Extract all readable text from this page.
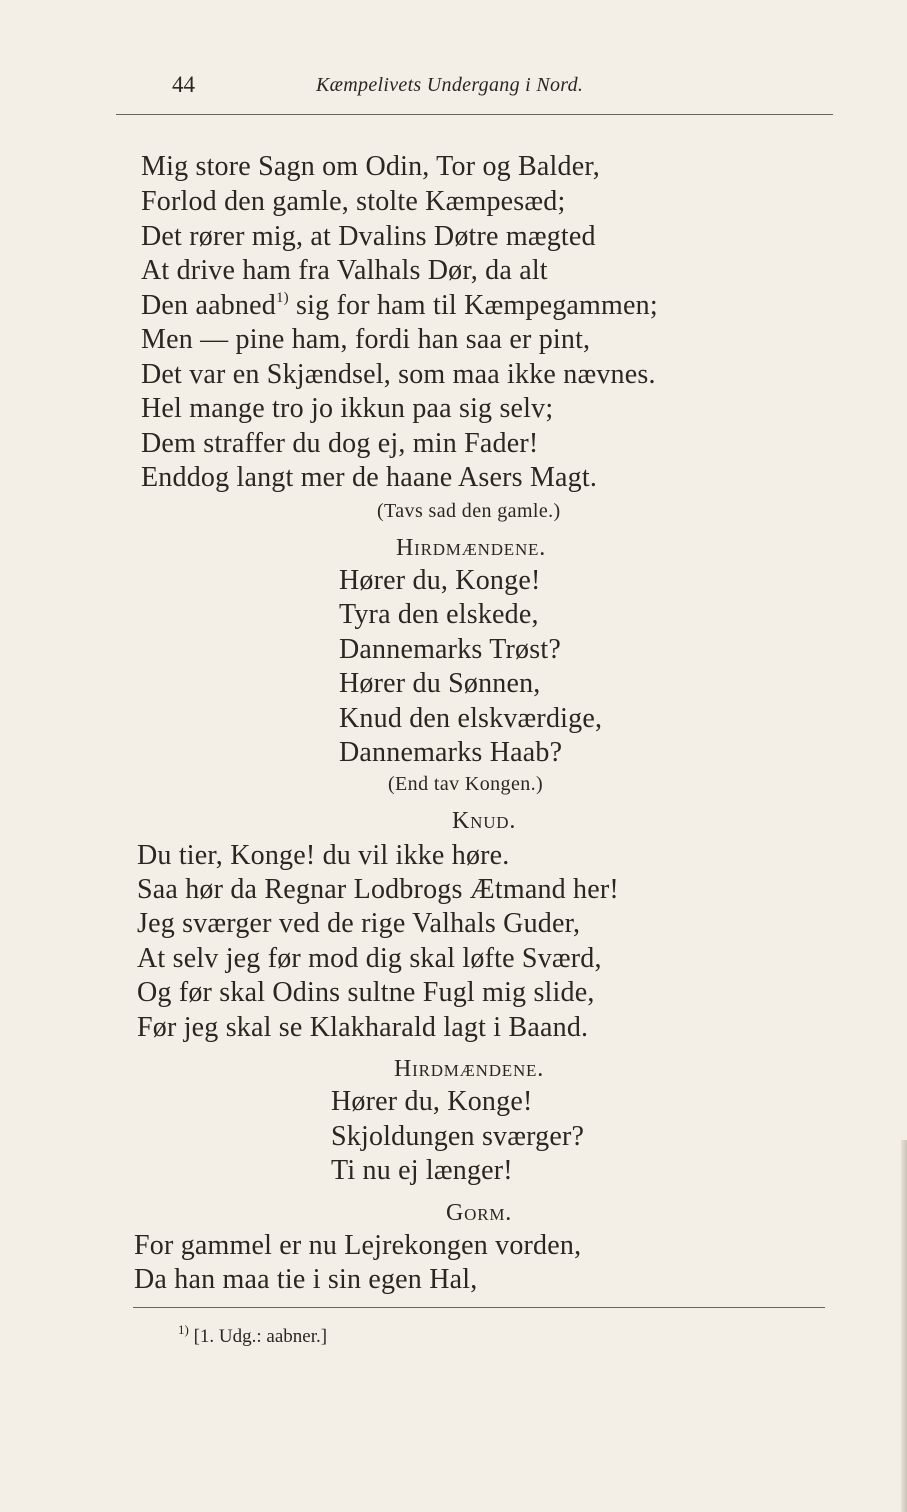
44	Kæmpelivets Undergang i Nord.
Mig store Sagn om Odin, Tor og Balder,
Forlod den gamle, stolte Kæmpesæd;
Det rører mig, at Dvalins Døtre mægted
At drive ham fra Valhals Dør, da alt
Den aabned$^{1)}$ sig for ham til Kæmpegammen;
Men — pine ham, fordi han saa er pint,
Det var en Skjændsel, som maa ikke nævnes.
Hel mange tro jo ikkun paa sig selv;
Dem straffer du dog ej, min Fader!
Enddog langt mer de haane Asers Magt.
(Tavs sad den gamle.)
Hirdmændene.
Hører du, Konge!
Tyra den elskede,
Dannemarks Trøst?
Hører du Sønnen,
Knud den elskværdige,
Dannemarks Haab?
(End tav Kongen.)
Knud.
Du tier, Konge! du vil ikke høre.
Saa hør da Regnar Lodbrogs Ætmand her!
Jeg sværger ved de rige Valhals Guder,
At selv jeg før mod dig skal løfte Sværd,
Og før skal Odins sultne Fugl mig slide,
Før jeg skal se Klakharald lagt i Baand.
Hirdmændene.
Hører du, Konge!
Skjoldungen sværger?
Ti nu ej længer!
Gorm.
For gammel er nu Lejrekongen vorden,
Da han maa tie i sin egen Hal,
$^{1)}$ [1. Udg.: aabner.]
